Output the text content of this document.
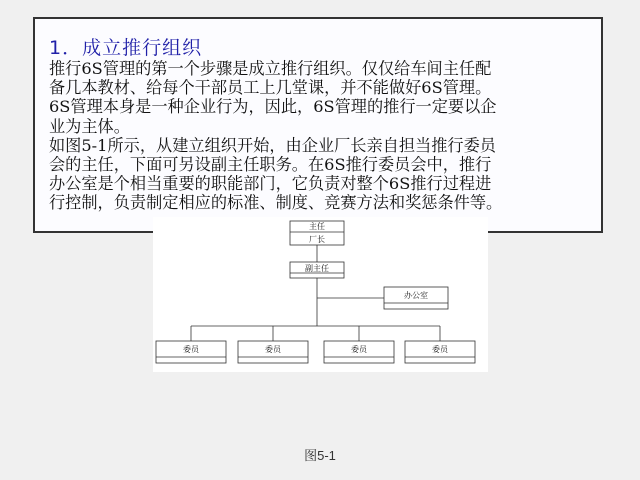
1．成立推行组织

推行6S管理的第一个步骤是成立推行组织。仅仅给车间主任配
备几本教材、给每个干部员工上几堂课，并不能做好6S管理。

6S管理本身是一种企业行为，因此，6S管理的推行一定要以企
业为主体。

如图5-1所示，从建立组织开始，由企业厂长亲自担当推行委员
会的主任，下面可另设副主任职务。在6S推行委员会中，推行
办公室是个相当重要的职能部门，它负责对整个6S推行过程进
行控制，负责制定相应的标准、制度、竞赛方法和奖惩条件等。

主任
厂长
副主任
办公室
委员	委员	委员	委员
图5-1
